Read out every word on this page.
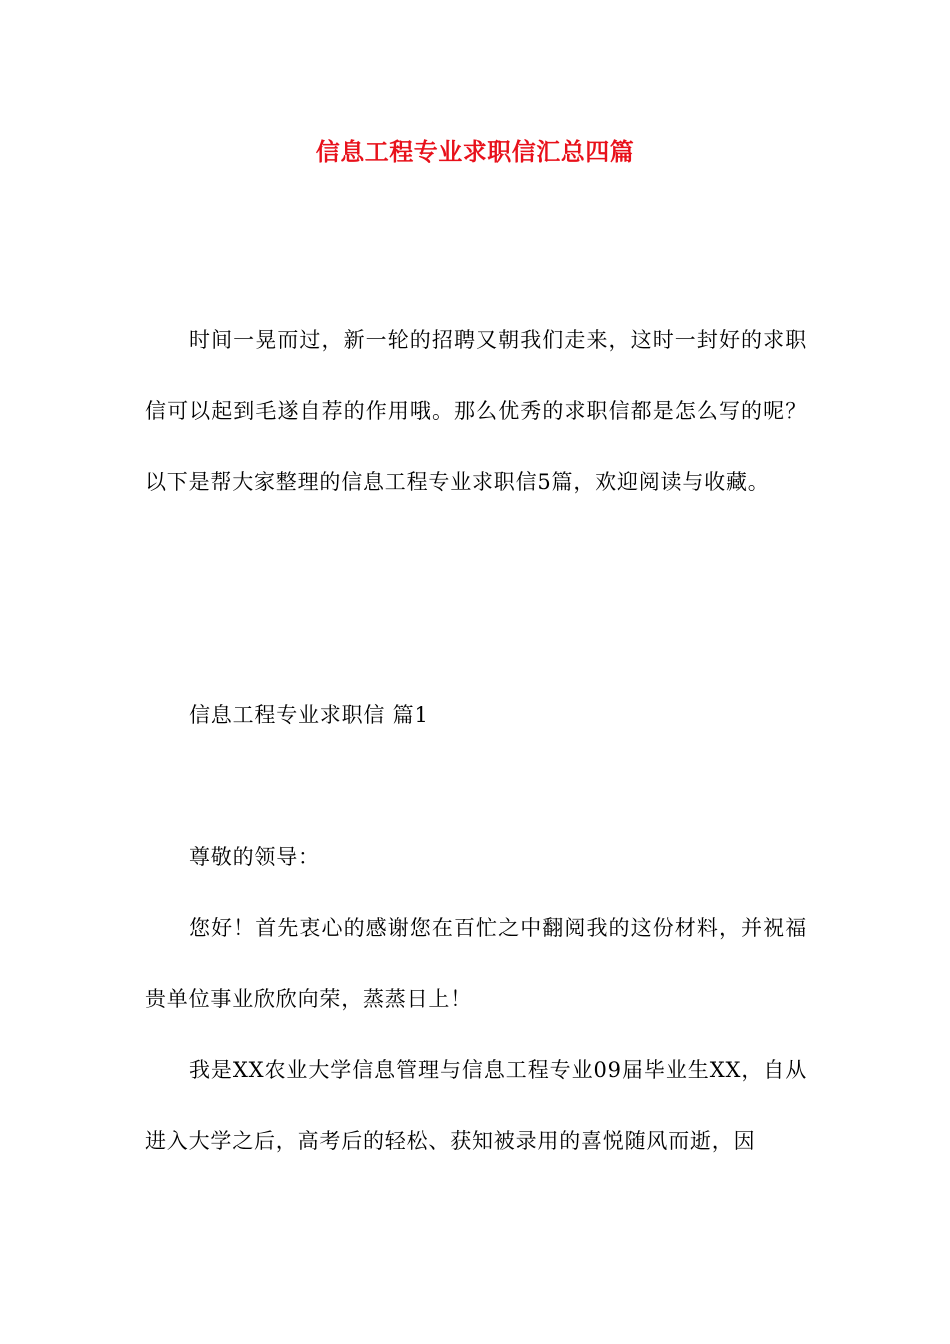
信息工程专业求职信汇总四篇

时间一晃而过，新一轮的招聘又朝我们走来，这时一封好的求职信可以起到毛遂自荐的作用哦。那么优秀的求职信都是怎么写的呢？以下是帮大家整理的信息工程专业求职信5篇，欢迎阅读与收藏。

信息工程专业求职信 篇1

尊敬的领导：

您好！首先衷心的感谢您在百忙之中翻阅我的这份材料，并祝福贵单位事业欣欣向荣，蒸蒸日上！

我是XX农业大学信息管理与信息工程专业09届毕业生XX，自从进入大学之后，高考后的轻松、获知被录用的喜悦随风而逝，因
